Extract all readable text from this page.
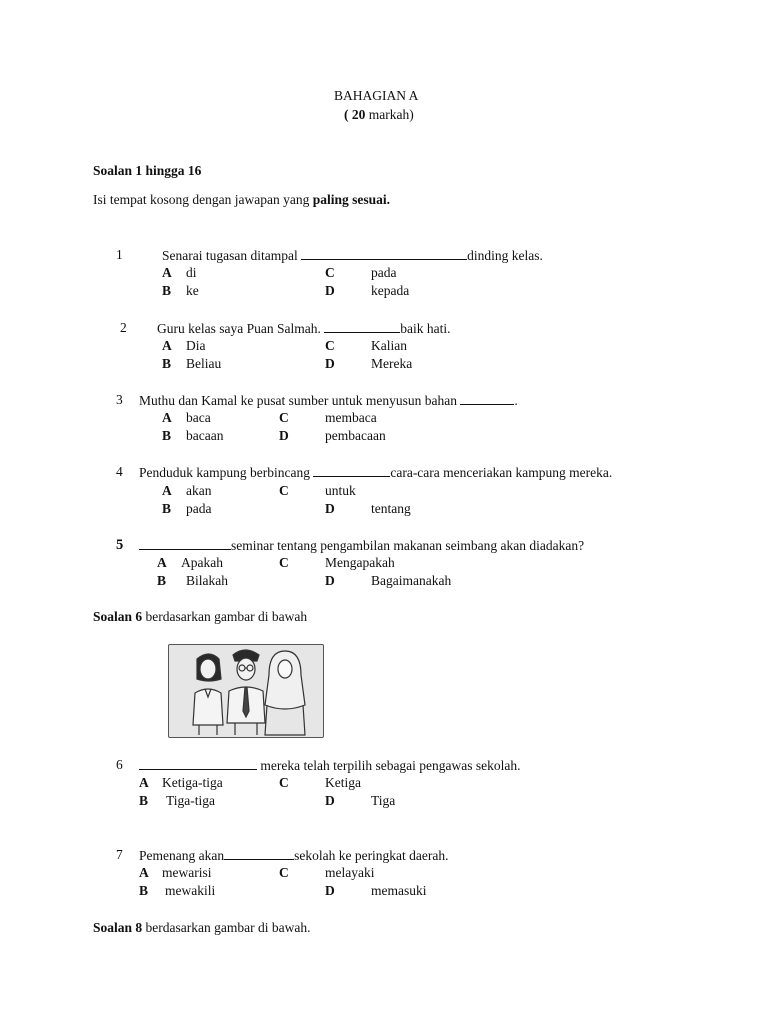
BAHAGIAN A
( 20 markah)
Soalan 1 hingga 16
Isi tempat kosong dengan jawapan yang paling sesuai.
1	Senarai tugasan ditampal	dinding kelas.
A di	C	pada
B ke	D	kepada
2 Guru kelas saya Puan Salmah.	baik hati.
A Dia	C	Kalian
B Beliau	D	Mereka
3 Muthu dan Kamal ke pusat sumber untuk menyusun bahan	.
A baca	C	membaca
B bacaan	D	pembacaan
4 Penduduk kampung berbincang	cara-cara menceriakan kampung mereka.
A akan	C	untuk
B pada	D	tentang
5	seminar tentang pengambilan makanan seimbang akan diadakan?
A Apakah	C	Mengapakah
B Bilakah	D	Bagaimanakah
Soalan 6 berdasarkan gambar di bawah
6	mereka telah terpilih sebagai pengawas sekolah.
A Ketiga-tiga	C	Ketiga
B Tiga-tiga	D	Tiga
7 Pemenang akan	sekolah ke peringkat daerah.
A mewarisi	C	melayaki
B mewakili	D	memasuki
Soalan 8 berdasarkan gambar di bawah.
